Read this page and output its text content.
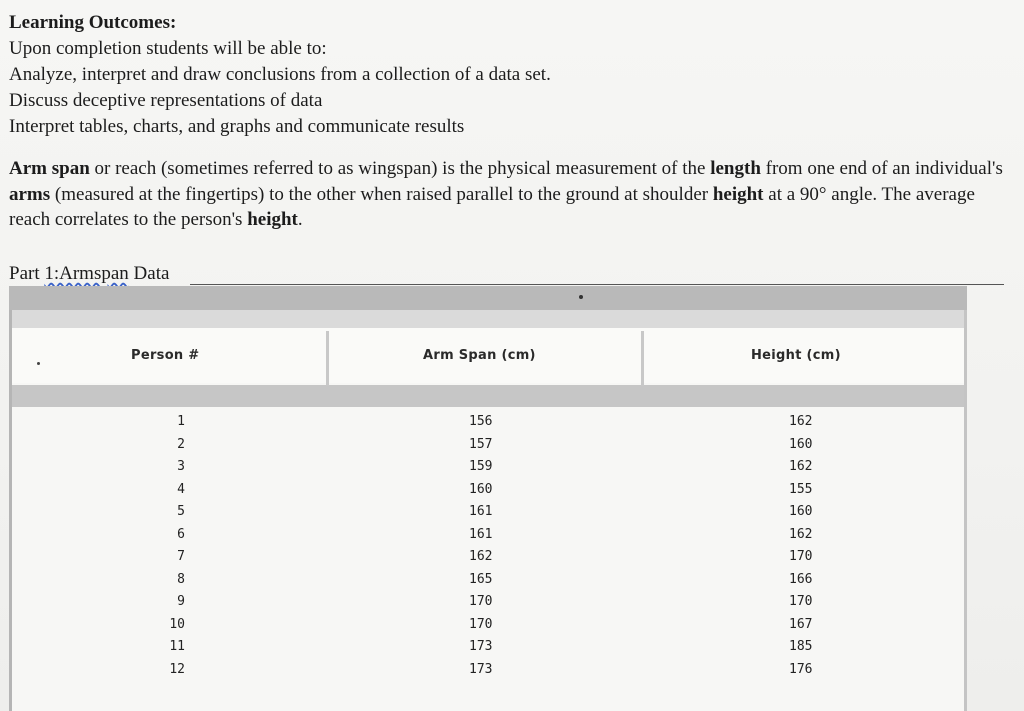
Learning Outcomes:
Upon completion students will be able to:
Analyze, interpret and draw conclusions from a collection of a data set.
Discuss deceptive representations of data
Interpret tables, charts, and graphs and communicate results
Arm span or reach (sometimes referred to as wingspan) is the physical measurement of the length from one end of an individual's arms (measured at the fingertips) to the other when raised parallel to the ground at shoulder height at a 90° angle. The average reach correlates to the person's height.
Part 1:Armspan Data
Person #	Arm Span (cm)	Height (cm)
1	156	162
2	157	160
3	159	162
4	160	155
5	161	160
6	161	162
7	162	170
8	165	166
9	170	170
10	170	167
11	173	185
12	173	176
